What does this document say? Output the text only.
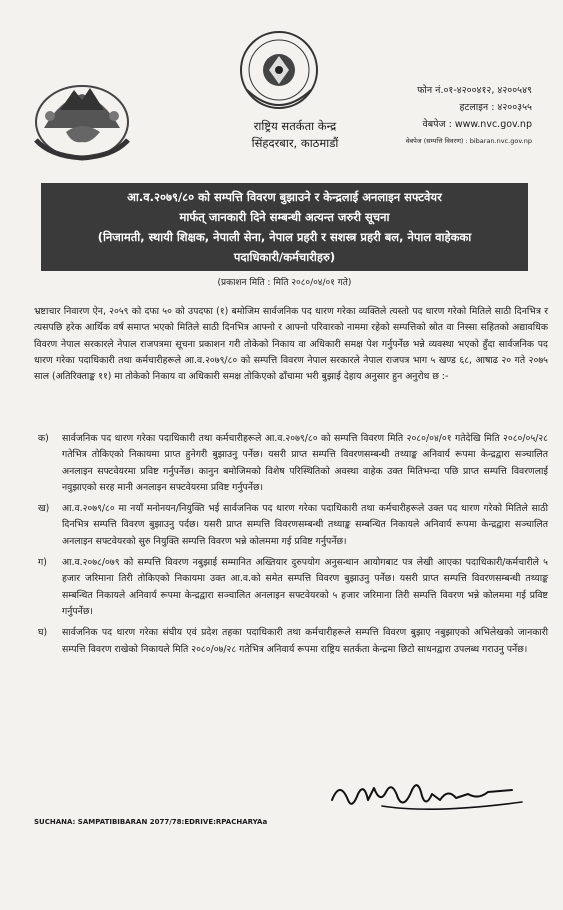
राष्ट्रिय सतर्कता केन्द्र
सिंहदरबार, काठमाडौं
फोन नं.०१-४२००४१२, ४२००५४९
हटलाइन : ४२००३५५
वेबपेज : www.nvc.gov.np
वेबपेज (सम्पत्ति विवरण) : bibaran.nvc.gov.np
आ.व.२०७९/८० को सम्पत्ति विवरण बुझाउने र केन्द्रलाई अनलाइन सफ्टवेयर
मार्फत् जानकारी दिने सम्बन्धी अत्यन्त जरुरी सूचना
(निजामती, स्थायी शिक्षक, नेपाली सेना, नेपाल प्रहरी र सशस्त्र प्रहरी बल, नेपाल वाहेकका
पदाधिकारी/कर्मचारीहरु)
(प्रकाशन मिति : मिति २०८०/०४/०१ गते)
भ्रष्टाचार निवारण ऐन, २०५९ को दफा ५० को उपदफा (१) बमोजिम सार्वजनिक पद धारण गरेका व्यक्तिले त्यस्तो पद धारण गरेको मितिले साठी दिनभित्र र त्यसपछि हरेक आर्थिक वर्ष समाप्त भएको मितिले साठी दिनभित्र आफ्नो र आफ्नो परिवारको नाममा रहेको सम्पत्तिको स्रोत वा निस्सा सहितको अद्यावधिक विवरण नेपाल सरकारले नेपाल राजपत्रमा सूचना प्रकाशन गरी तोकेको निकाय वा अधिकारी समक्ष पेश गर्नुपर्नेछ भन्ने व्यवस्था भएको हुँदा सार्वजनिक पद धारण गरेका पदाधिकारी तथा कर्मचारीहरूले आ.व.२०७९/८० को सम्पत्ति विवरण नेपाल सरकारले नेपाल राजपत्र भाग ५ खण्ड ६८, आषाढ २० गते २०७५ साल (अतिरिक्ताङ्क ११) मा तोकेको निकाय वा अधिकारी समक्ष तोकिएको ढाँचामा भरी बुझाई देहाय अनुसार हुन अनुरोध छ :-
क) सार्वजनिक पद धारण गरेका पदाधिकारी तथा कर्मचारीहरूले आ.व.२०७९/८० को सम्पत्ति विवरण मिति २०८०/०४/०१ गतेदेखि मिति २०८०/०५/२८ गतेभित्र तोकिएको निकायमा प्राप्त हुनेगरी बुझाउनु पर्नेछ। यसरी प्राप्त सम्पत्ति विवरणसम्बन्धी तथ्याङ्क अनिवार्य रूपमा केन्द्रद्वारा सञ्चालित अनलाइन सफ्टवेयरमा प्रविष्ट गर्नुपर्नेछ। कानुन बमोजिमको विशेष परिस्थितिको अवस्था वाहेक उक्त मितिभन्दा पछि प्राप्त सम्पत्ति विवरणलाई नवुझाएको सरह मानी अनलाइन सफ्टवेयरमा प्रविष्ट गर्नुपर्नेछ।
ख) आ.व.२०७९/८० मा नयाँ मनोनयन/नियुक्ति भई सार्वजनिक पद धारण गरेका पदाधिकारी तथा कर्मचारीहरूले उक्त पद धारण गरेको मितिले साठी दिनभित्र सम्पत्ति विवरण बुझाउनु पर्दछ। यसरी प्राप्त सम्पत्ति विवरणसम्बन्धी तथ्याङ्क सम्बन्धित निकायले अनिवार्य रूपमा केन्द्रद्वारा सञ्चालित अनलाइन सफ्टवेयरको सुरु नियुक्ति सम्पत्ति विवरण भन्ने कोलममा गई प्रविष्ट गर्नुपर्नेछ।
ग) आ.व.२०७८/०७९ को सम्पत्ति विवरण नबुझाई सम्मानित अख्तियार दुरुपयोग अनुसन्धान आयोगबाट पत्र लेखी आएका पदाधिकारी/कर्मचारीले ५ हजार जरिमाना तिरी तोकिएको निकायमा उक्त आ.व.को समेत सम्पत्ति विवरण बुझाउनु पर्नेछ। यसरी प्राप्त सम्पत्ति विवरणसम्बन्धी तथ्याङ्क सम्बन्धित निकायले अनिवार्य रूपमा केन्द्रद्वारा सञ्चालित अनलाइन सफ्टवेयरको ५ हजार जरिमाना तिरी सम्पत्ति विवरण भन्ने कोलममा गई प्रविष्ट गर्नुपर्नेछ।
घ) सार्वजनिक पद धारण गरेका संघीय एवं प्रदेश तहका पदाधिकारी तथा कर्मचारीहरूले सम्पत्ति विवरण बुझाए नबुझाएको अभिलेखको जानकारी सम्पत्ति विवरण राखेको निकायले मिति २०८०/०७/२८ गतेभित्र अनिवार्य रूपमा राष्ट्रिय सतर्कता केन्द्रमा छिटो साधनद्वारा उपलब्ध गराउनु पर्नेछ।
SUCHANA: SAMPATIBIBARAN 2077/78:EDRIVE:RPACHARYAa
